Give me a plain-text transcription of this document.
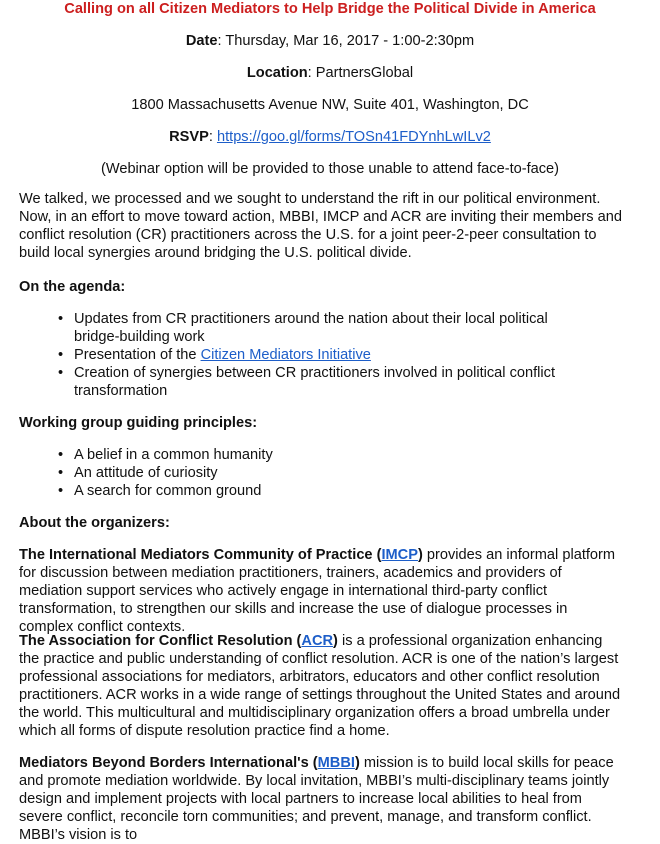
Calling on all Citizen Mediators to Help Bridge the Political Divide in America
Date: Thursday, Mar 16, 2017 - 1:00-2:30pm
Location: PartnersGlobal
1800 Massachusetts Avenue NW, Suite 401, Washington, DC
RSVP: https://goo.gl/forms/TOSn41FDYnhLwILv2
(Webinar option will be provided to those unable to attend face-to-face)

We talked, we processed and we sought to understand the rift in our political environment. Now, in an effort to move toward action, MBBI, IMCP and ACR are inviting their members and conflict resolution (CR) practitioners across the U.S. for a joint peer-2-peer consultation to build local synergies around bridging the U.S. political divide.

On the agenda:
• Updates from CR practitioners around the nation about their local political bridge-building work
• Presentation of the Citizen Mediators Initiative
• Creation of synergies between CR practitioners involved in political conflict transformation
Working group guiding principles:
• A belief in a common humanity
• An attitude of curiosity
• A search for common ground
About the organizers:

The International Mediators Community of Practice (IMCP) provides an informal platform for discussion between mediation practitioners, trainers, academics and providers of mediation support services who actively engage in international third-party conflict transformation, to strengthen our skills and increase the use of dialogue processes in complex conflict contexts.

The Association for Conflict Resolution (ACR) is a professional organization enhancing the practice and public understanding of conflict resolution. ACR is one of the nation’s largest professional associations for mediators, arbitrators, educators and other conflict resolution practitioners. ACR works in a wide range of settings throughout the United States and around the world. This multicultural and multidisciplinary organization offers a broad umbrella under which all forms of dispute resolution practice find a home.

Mediators Beyond Borders International's (MBBI) mission is to build local skills for peace and promote mediation worldwide. By local invitation, MBBI’s multi-disciplinary teams jointly design and implement projects with local partners to increase local abilities to heal from severe conflict, reconcile torn communities; and prevent, manage, and transform conflict. MBBI’s vision is to
